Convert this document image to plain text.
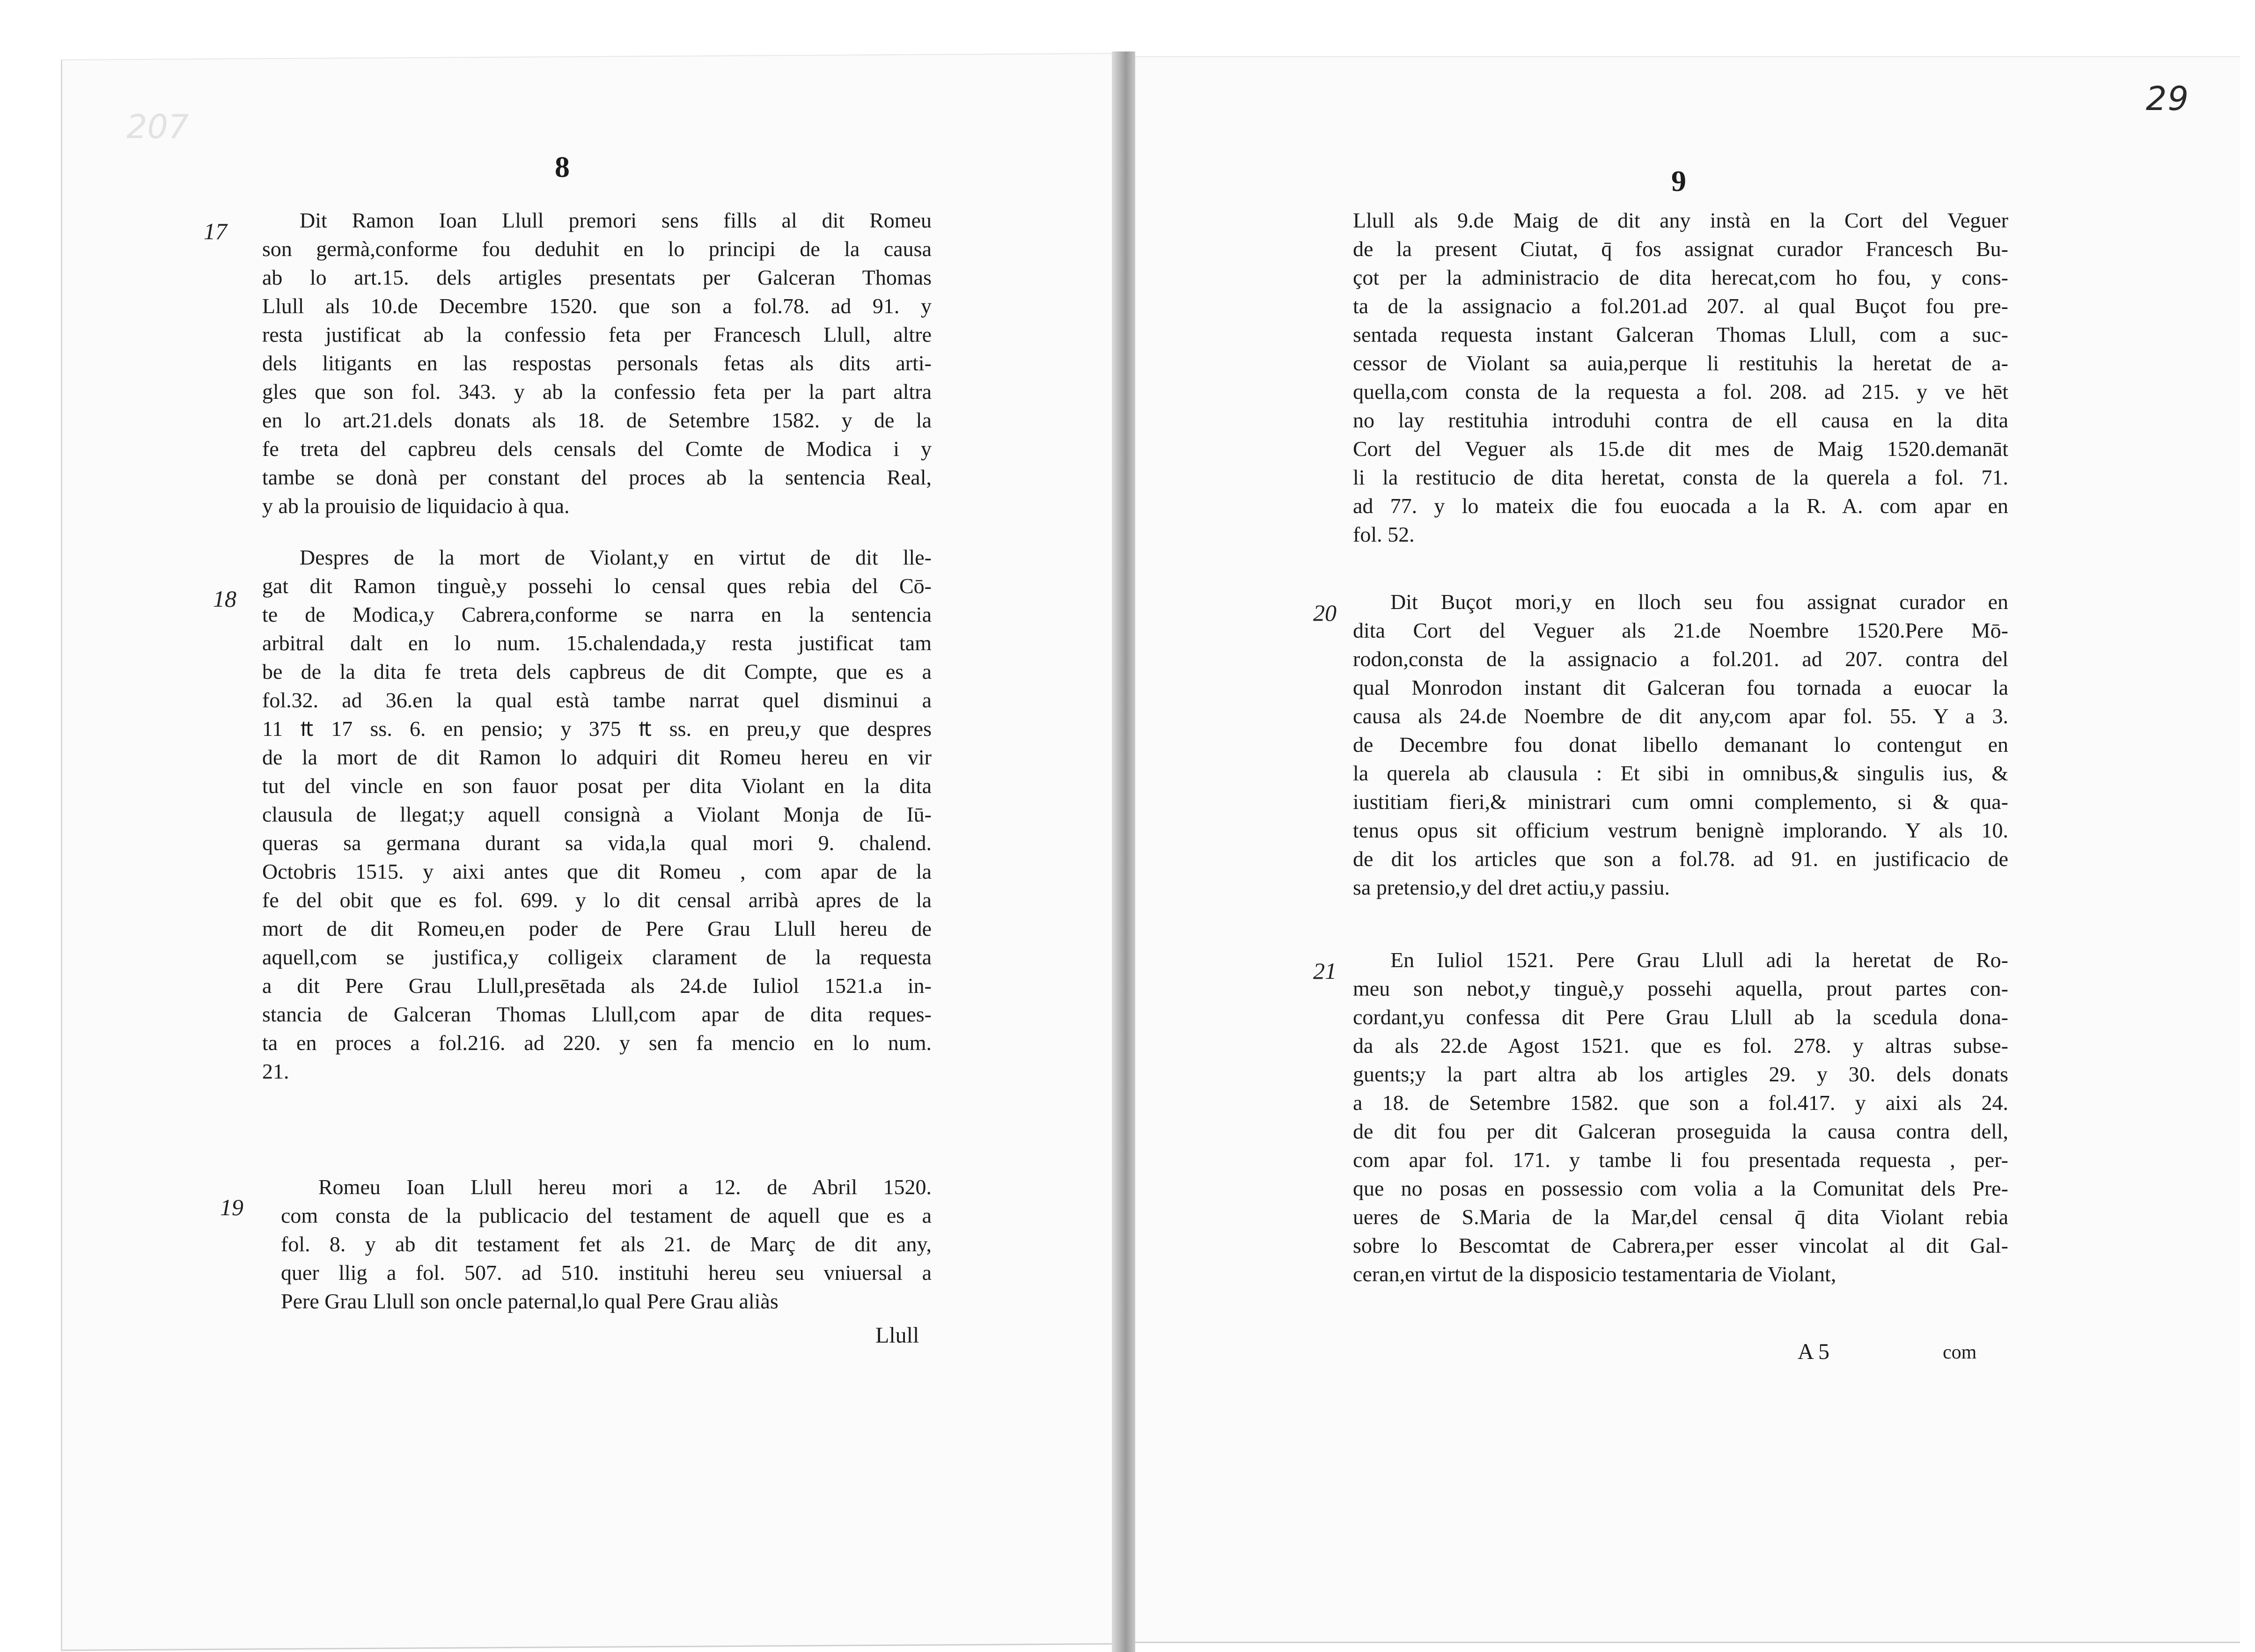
207
29
8
17	Dit Ramon Ioan Llull premori sens fills al dit Romeu
son germà,conforme fou deduhit en lo principi de la causa
ab lo art.15. dels artigles presentats per Galceran Thomas
Llull als 10.de Decembre 1520. que son a fol.78. ad 91. y
resta justificat ab la confessio feta per Francesch Llull, altre
dels litigants en las respostas personals fetas als dits arti-
gles que son fol. 343. y ab la confessio feta per la part altra
en lo art.21.dels donats als 18. de Setembre 1582. y de la
fe treta del capbreu dels censals del Comte de Modica i y
tambe se donà per constant del proces ab la sentencia Real,
y ab la prouisio de liquidacio à qua.
18
Despres de la mort de Violant,y en virtut de dit lle-
gat dit Ramon tinguè,y possehi lo censal ques rebia del Cō-
te de Modica,y Cabrera,conforme se narra en la sentencia
arbitral dalt en lo num. 15.chalendada,y resta justificat tam
be de la dita fe treta dels capbreus de dit Compte, que es a
fol.32. ad 36.en la qual està tambe narrat quel disminui a
11 ₶ 17 ss. 6. en pensio; y 375 ₶ ss. en preu,y que despres
de la mort de dit Ramon lo adquiri dit Romeu hereu en vir
tut del vincle en son fauor posat per dita Violant en la dita
clausula de llegat;y aquell consignà a Violant Monja de Iū-
queras sa germana durant sa vida,la qual mori 9. chalend.
Octobris 1515. y aixi antes que dit Romeu , com apar de la
fe del obit que es fol. 699. y lo dit censal arribà apres de la
mort de dit Romeu,en poder de Pere Grau Llull hereu de
aquell,com se justifica,y colligeix clarament de la requesta
a dit Pere Grau Llull,presētada als 24.de Iuliol 1521.a in-
stancia de Galceran Thomas Llull,com apar de dita reques-
ta en proces a fol.216. ad 220. y sen fa mencio en lo num.
21.
19
Romeu Ioan Llull hereu mori a 12. de Abril 1520.
com consta de la publicacio del testament de aquell que es a
fol. 8. y ab dit testament fet als 21. de Març de dit any,
quer llig a fol. 507. ad 510. instituhi hereu seu vniuersal a
Pere Grau Llull son oncle paternal,lo qual Pere Grau aliàs
Llull
9
Llull als 9.de Maig de dit any instà en la Cort del Veguer
de la present Ciutat, q̄ fos assignat curador Francesch Bu-
çot per la administracio de dita herecat,com ho fou, y cons-
ta de la assignacio a fol.201.ad 207. al qual Buçot fou pre-
sentada requesta instant Galceran Thomas Llull, com a suc-
cessor de Violant sa auia,perque li restituhis la heretat de a-
quella,com consta de la requesta a fol. 208. ad 215. y ve hēt
no lay restituhia introduhi contra de ell causa en la dita
Cort del Veguer als 15.de dit mes de Maig 1520.demanāt
li la restitucio de dita heretat, consta de la querela a fol. 71.
ad 77. y lo mateix die fou euocada a la R. A. com apar en
fol. 52.
20	Dit Buçot mori,y en lloch seu fou assignat curador en
dita Cort del Veguer als 21.de Noembre 1520.Pere Mō-
rodon,consta de la assignacio a fol.201. ad 207. contra del
qual Monrodon instant dit Galceran fou tornada a euocar la
causa als 24.de Noembre de dit any,com apar fol. 55. Y a 3.
de Decembre fou donat libello demanant lo contengut en
la querela ab clausula : Et sibi in omnibus,& singulis ius, &
iustitiam fieri,& ministrari cum omni complemento, si & qua-
tenus opus sit officium vestrum benignè implorando. Y als 10.
de dit los articles que son a fol.78. ad 91. en justificacio de
sa pretensio,y del dret actiu,y passiu.
21	En Iuliol 1521. Pere Grau Llull adi la heretat de Ro-
meu son nebot,y tinguè,y possehi aquella, prout partes con-
cordant,yu confessa dit Pere Grau Llull ab la scedula dona-
da als 22.de Agost 1521. que es fol. 278. y altras subse-
guents;y la part altra ab los artigles 29. y 30. dels donats
a 18. de Setembre 1582. que son a fol.417. y aixi als 24.
de dit fou per dit Galceran proseguida la causa contra dell,
com apar fol. 171. y tambe li fou presentada requesta , per-
que no posas en possessio com volia a la Comunitat dels Pre-
ueres de S.Maria de la Mar,del censal q̄ dita Violant rebia
sobre lo Bescomtat de Cabrera,per esser vincolat al dit Gal-
ceran,en virtut de la disposicio testamentaria de Violant,
A 5	com
